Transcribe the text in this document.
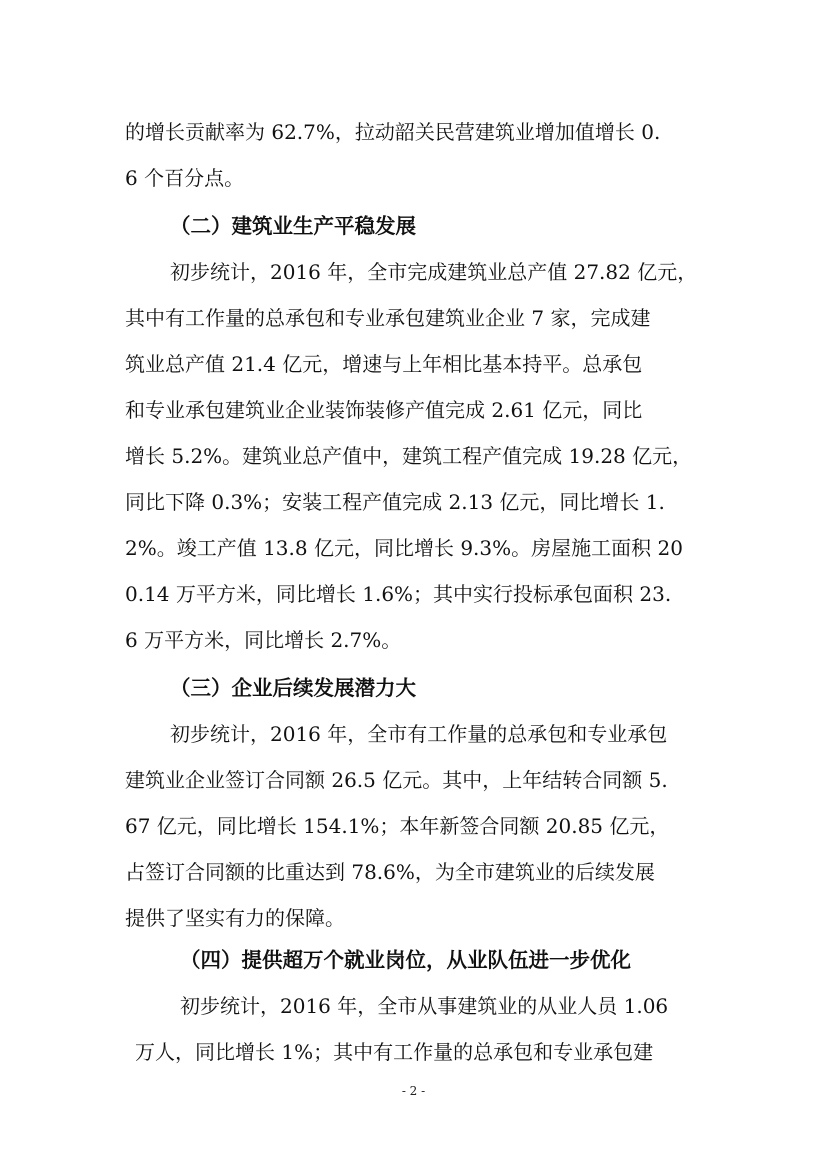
的增长贡献率为 62.7%，拉动韶关民营建筑业增加值增长 0.
6 个百分点。
（二）建筑业生产平稳发展
初步统计，2016 年，全市完成建筑业总产值 27.82 亿元，
其中有工作量的总承包和专业承包建筑业企业 7 家，完成建
筑业总产值 21.4 亿元，增速与上年相比基本持平。总承包
和专业承包建筑业企业装饰装修产值完成 2.61 亿元，同比
增长 5.2%。建筑业总产值中，建筑工程产值完成 19.28 亿元，
同比下降 0.3%；安装工程产值完成 2.13 亿元，同比增长 1.
2%。竣工产值 13.8 亿元，同比增长 9.3%。房屋施工面积 20
0.14 万平方米，同比增长 1.6%；其中实行投标承包面积 23.
6 万平方米，同比增长 2.7%。
（三）企业后续发展潜力大
初步统计，2016 年，全市有工作量的总承包和专业承包
建筑业企业签订合同额 26.5 亿元。其中，上年结转合同额 5.
67 亿元，同比增长 154.1%；本年新签合同额 20.85 亿元，
占签订合同额的比重达到 78.6%，为全市建筑业的后续发展
提供了坚实有力的保障。
（四）提供超万个就业岗位，从业队伍进一步优化
初步统计，2016 年，全市从事建筑业的从业人员 1.06
万人，同比增长 1%；其中有工作量的总承包和专业承包建
- 2 -
